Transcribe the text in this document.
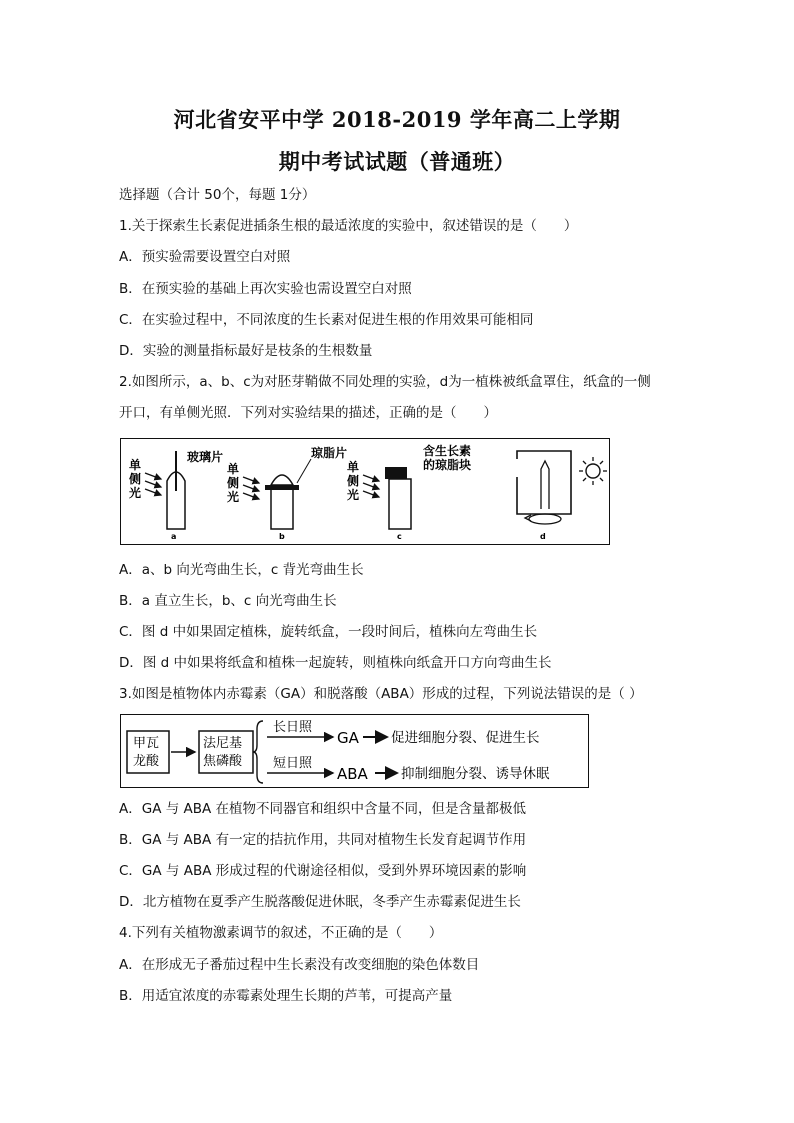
河北省安平中学 2018-2019 学年高二上学期
期中考试试题（普通班）
选择题（合计 50个，每题 1分）
1.关于探索生长素促进插条生根的最适浓度的实验中，叙述错误的是（　　）
A．预实验需要设置空白对照
B．在预实验的基础上再次实验也需设置空白对照
C．在实验过程中，不同浓度的生长素对促进生根的作用效果可能相同
D．实验的测量指标最好是枝条的生根数量
2.如图所示，a、b、c为对胚芽鞘做不同处理的实验，d为一植株被纸盒罩住，纸盒的一侧
开口，有单侧光照．下列对实验结果的描述，正确的是（　　）
单
侧
光
玻璃片
a
单
侧
光
琼脂片
b
单
侧
光
含生长素
的琼脂块
c	d
A．a、b 向光弯曲生长，c 背光弯曲生长
B．a 直立生长，b、c 向光弯曲生长
C．图 d 中如果固定植株，旋转纸盒，一段时间后，植株向左弯曲生长
D．图 d 中如果将纸盒和植株一起旋转，则植株向纸盒开口方向弯曲生长
3.如图是植物体内赤霉素（GA）和脱落酸（ABA）形成的过程，下列说法错误的是（ ）
甲瓦
龙酸
法尼基
焦磷酸
长日照
GA 促进细胞分裂、促进生长
短日照
ABA 抑制细胞分裂、诱导休眠
A．GA 与 ABA 在植物不同器官和组织中含量不同，但是含量都极低
B．GA 与 ABA 有一定的拮抗作用，共同对植物生长发育起调节作用
C．GA 与 ABA 形成过程的代谢途径相似，受到外界环境因素的影响
D．北方植物在夏季产生脱落酸促进休眠，冬季产生赤霉素促进生长
4.下列有关植物激素调节的叙述，不正确的是（　　）
A．在形成无子番茄过程中生长素没有改变细胞的染色体数目
B．用适宜浓度的赤霉素处理生长期的芦苇，可提高产量
